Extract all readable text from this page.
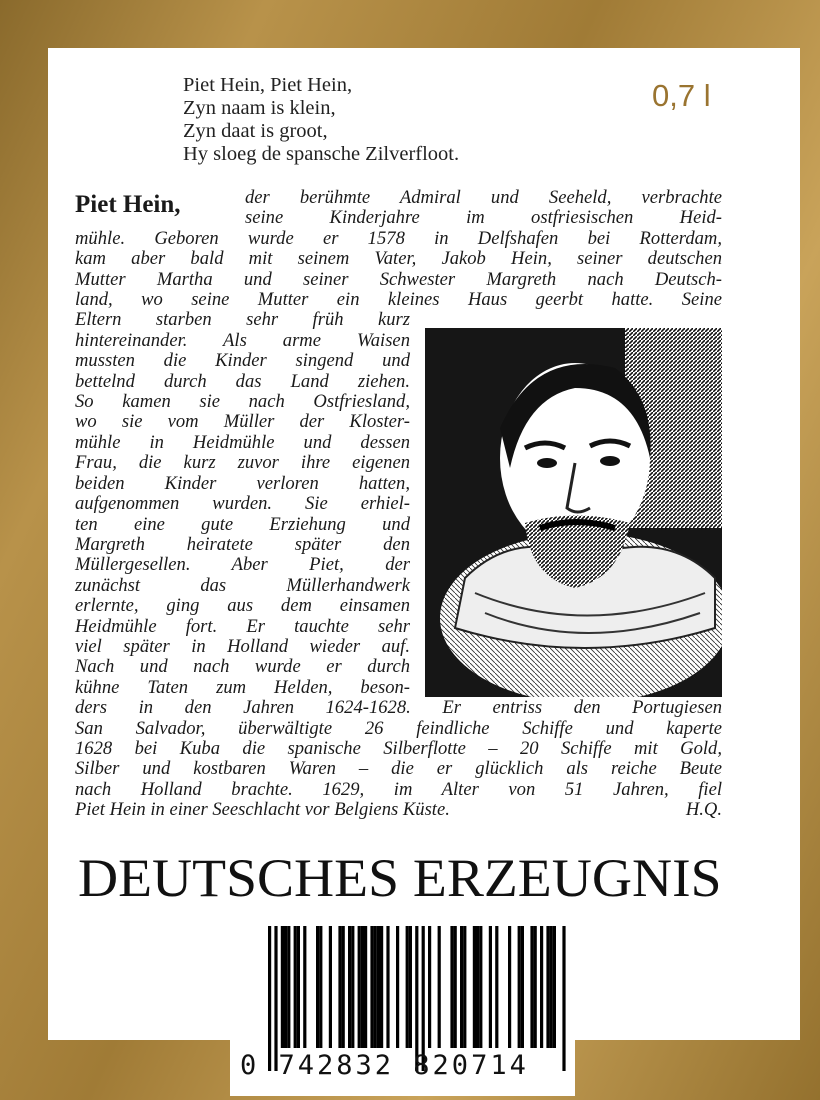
Piet Hein, Piet Hein,
Zyn naam is klein,
Zyn daat is groot,
Hy sloeg de spansche Zilverfloot.
0,7 l
Piet Hein,	der berühmte Admiral und Seeheld, verbrachte
seine Kinderjahre im ostfriesischen Heid-
mühle. Geboren wurde er 1578 in Delfshafen bei Rotterdam,
kam aber bald mit seinem Vater, Jakob Hein, seiner deutschen
Mutter Martha und seiner Schwester Margreth nach Deutsch-
land, wo seine Mutter ein kleines Haus geerbt hatte. Seine
Eltern starben sehr früh kurz
hintereinander. Als arme Waisen
mussten die Kinder singend und
bettelnd durch das Land ziehen.
So kamen sie nach Ostfriesland,
wo sie vom Müller der Kloster-
mühle in Heidmühle und dessen
Frau, die kurz zuvor ihre eigenen
beiden Kinder verloren hatten,
aufgenommen wurden. Sie erhiel-
ten eine gute Erziehung und
Margreth heiratete später den
Müllergesellen. Aber Piet, der
zunächst das Müllerhandwerk
erlernte, ging aus dem einsamen
Heidmühle fort. Er tauchte sehr
viel später in Holland wieder auf.
Nach und nach wurde er durch
kühne Taten zum Helden, beson-
ders in den Jahren 1624-1628. Er entriss den Portugiesen
San Salvador, überwältigte 26 feindliche Schiffe und kaperte
1628 bei Kuba die spanische Silberflotte – 20 Schiffe mit Gold,
Silber und kostbaren Waren – die er glücklich als reiche Beute
nach Holland brachte. 1629, im Alter von 51 Jahren, fiel
Piet Hein in einer Seeschlacht vor Belgiens Küste.	H.Q.
DEUTSCHES ERZEUGNIS
0 742832 820714
